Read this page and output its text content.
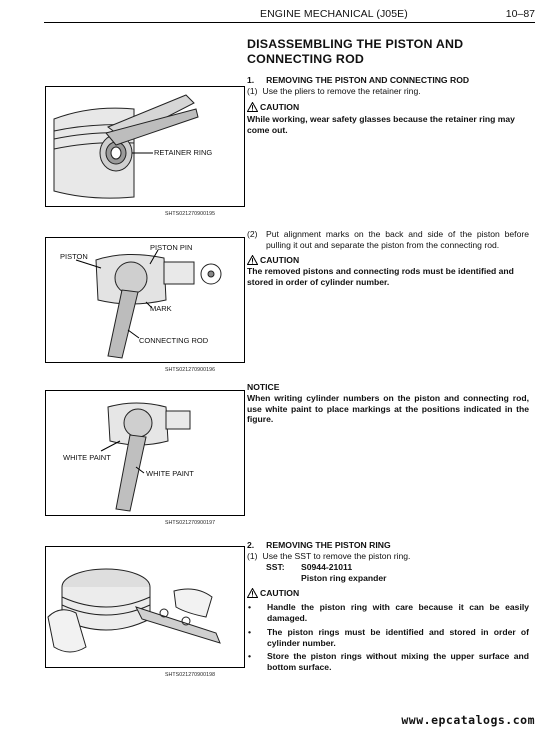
ENGINE MECHANICAL (J05E)	10–87
DISASSEMBLING THE PISTON AND CONNECTING ROD
RETAINER RING
SHTS021270900195
PISTON
PISTON PIN
MARK
CONNECTING ROD
SHTS021270900196
WHITE PAINT
WHITE PAINT
SHTS021270900197
SHTS021270900198
1. REMOVING THE PISTON AND CONNECTING ROD
(1) Use the pliers to remove the retainer ring.
CAUTION
While working, wear safety glasses because the retainer ring may come out.
(2) Put alignment marks on the back and side of the piston before pulling it out and separate the piston from the connecting rod.
CAUTION
The removed pistons and connecting rods must be identified and stored in order of cylinder number.
NOTICE
When writing cylinder numbers on the piston and connecting rod, use white paint to place markings at the positions indicated in the figure.
2. REMOVING THE PISTON RING
(1) Use the SST to remove the piston ring.
SST: S0944-21011
Piston ring expander
CAUTION
• Handle the piston ring with care because it can be easily damaged.
• The piston rings must be identified and stored in order of cylinder number.
• Store the piston rings without mixing the upper surface and bottom surface.
www.epcatalogs.com
